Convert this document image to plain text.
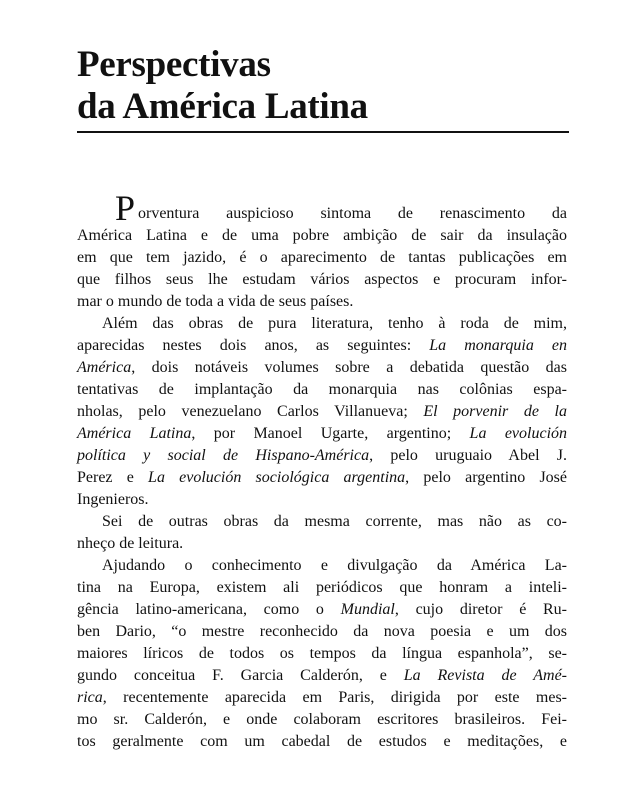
Perspectivas
da América Latina
P orventura auspicioso sintoma de renascimento da
América Latina e de uma pobre ambição de sair da insulação
em que tem jazido, é o aparecimento de tantas publicações em
que filhos seus lhe estudam vários aspectos e procuram infor-
mar o mundo de toda a vida de seus países.
Além das obras de pura literatura, tenho à roda de mim,
aparecidas nestes dois anos, as seguintes: La monarquia en
América, dois notáveis volumes sobre a debatida questão das
tentativas de implantação da monarquia nas colônias espa-
nholas, pelo venezuelano Carlos Villanueva; El porvenir de la
América Latina, por Manoel Ugarte, argentino; La evolución
política y social de Hispano-América, pelo uruguaio Abel J.
Perez e La evolución sociológica argentina, pelo argentino José
Ingenieros.
Sei de outras obras da mesma corrente, mas não as co-
nheço de leitura.
Ajudando o conhecimento e divulgação da América La-
tina na Europa, existem ali periódicos que honram a inteli-
gência latino-americana, como o Mundial, cujo diretor é Ru-
ben Dario, “o mestre reconhecido da nova poesia e um dos
maiores líricos de todos os tempos da língua espanhola”, se-
gundo conceitua F. Garcia Calderón, e La Revista de Amé-
rica, recentemente aparecida em Paris, dirigida por este mes-
mo sr. Calderón, e onde colaboram escritores brasileiros. Fei-
tos geralmente com um cabedal de estudos e meditações, e
